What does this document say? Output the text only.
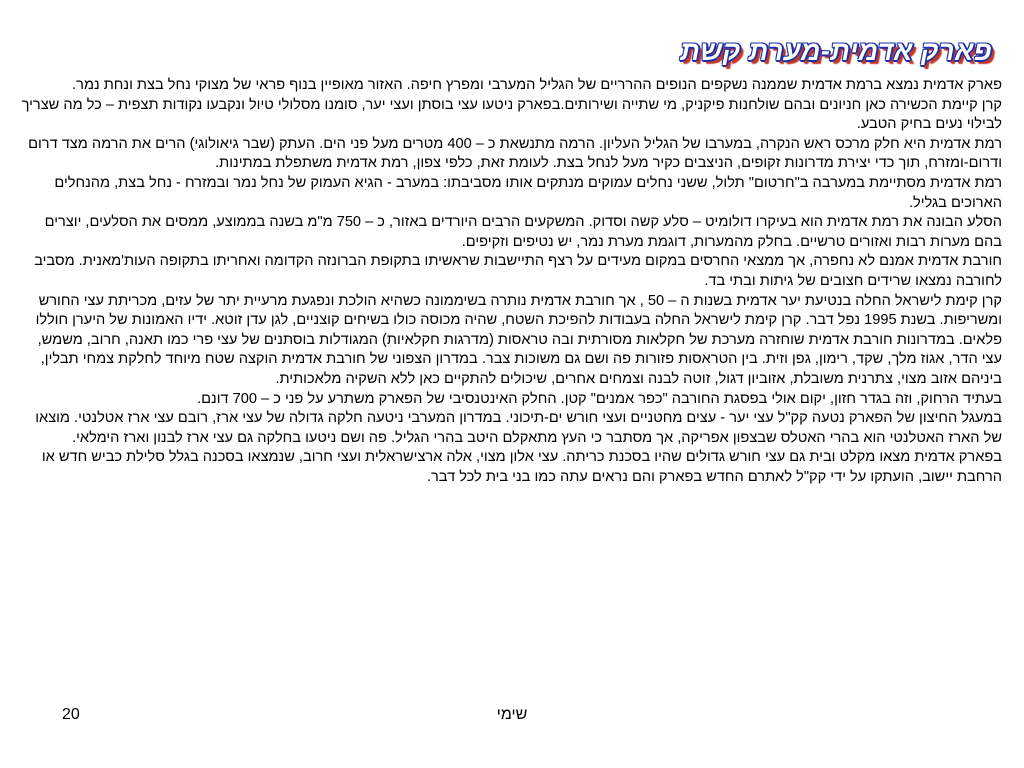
פארק אדמית-מערת קשת

פארק אדמית נמצא ברמת אדמית שממנה נשקפים הנופים ההרריים של הגליל המערבי ומפרץ חיפה. האזור מאופיין בנוף פראי של מצוקי נחל בצת ונחת נמר.

קרן קיימת הכשירה כאן חניונים ובהם שולחנות פיקניק, מי שתייה ושירותים.בפארק ניטעו עצי בוסתן ועצי יער, סומנו מסלולי טיול ונקבעו נקודות תצפית – כל מה שצריך לבילוי נעים בחיק הטבע.

רמת אדמית היא חלק מרכס ראש הנקרה, במערבו של הגליל העליון. הרמה מתנשאת כ – 400 מטרים מעל פני הים. העתק (שבר גיאולוגי) הרים את הרמה מצד דרום ודרום-ומזרח, תוך כדי יצירת מדרונות זקופים, הניצבים כקיר מעל לנחל בצת. לעומת זאת, כלפי צפון, רמת אדמית משתפלת במתינות.

רמת אדמית מסתיימת במערבה ב"חרטום" תלול, ששני נחלים עמוקים מנתקים אותו מסביבתו: במערב - הגיא העמוק של נחל נמר ובמזרח - נחל בצת, מהנחלים הארוכים בגליל.

הסלע הבונה את רמת אדמית הוא בעיקרו דולומיט – סלע קשה וסדוק. המשקעים הרבים היורדים באזור, כ – 750 מ"מ בשנה בממוצע, ממסים את הסלעים, יוצרים בהם מערות רבות ואזורים טרשיים. בחלק מהמערות, דוגמת מערת נמר, יש נטיפים וזקיפים.

חורבת אדמית אמנם לא נחפרה, אך ממצאי החרסים במקום מעידים על רצף התיישבות שראשיתו בתקופת הברונזה הקדומה ואחריתו בתקופה העות'מאנית. מסביב לחורבה נמצאו שרידים חצובים של גיתות ובתי בד.

קרן קימת לישראל החלה בנטיעת יער אדמית בשנות ה – 50 , אך חורבת אדמית נותרה בשיממונה כשהיא הולכת ונפגעת מרעיית יתר של עזים, מכריתת עצי החורש ומשריפות. בשנת 1995 נפל דבר. קרן קימת לישראל החלה בעבודות להפיכת השטח, שהיה מכוסה כולו בשיחים קוצניים, לגן עדן זוטא. ידיו האמונות של היערן חוללו פלאים. במדרונות חורבת אדמית שוחזרה מערכת של חקלאות מסורתית ובה טראסות (מדרגות חקלאיות) המגודלות בוסתנים של עצי פרי כמו תאנה, חרוב, משמש, עצי הדר, אגוז מלך, שקד, רימון, גפן וזית. בין הטראסות פזורות פה ושם גם משוכות צבר. במדרון הצפוני של חורבת אדמית הוקצה שטח מיוחד לחלקת צמחי תבלין, ביניהם אזוב מצוי, צתרנית משובלת, אזוביון דגול, זוטה לבנה וצמחים אחרים, שיכולים להתקיים כאן ללא השקיה מלאכותית.

בעתיד הרחוק, וזה בגדר חזון, יקום אולי בפסגת החורבה "כפר אמנים" קטן. החלק האינטנסיבי של הפארק משתרע על פני כ – 700 דונם.

במעגל החיצון של הפארק נטעה קק"ל עצי יער - עצים מחטניים ועצי חורש ים-תיכוני. במדרון המערבי ניטעה חלקה גדולה של עצי ארז, רובם עצי ארז אטלנטי. מוצאו של הארז האטלנטי הוא בהרי האטלס שבצפון אפריקה, אך מסתבר כי העץ מתאקלם היטב בהרי הגליל. פה ושם ניטעו בחלקה גם עצי ארז לבנון וארז הימלאי.

בפארק אדמית מצאו מקלט ובית גם עצי חורש גדולים שהיו בסכנת כריתה. עצי אלון מצוי, אלה ארצישראלית ועצי חרוב, שנמצאו בסכנה בגלל סלילת כביש חדש או הרחבת יישוב, הועתקו על ידי קק"ל לאתרם החדש בפארק והם נראים עתה כמו בני בית לכל דבר.

שימי
20
